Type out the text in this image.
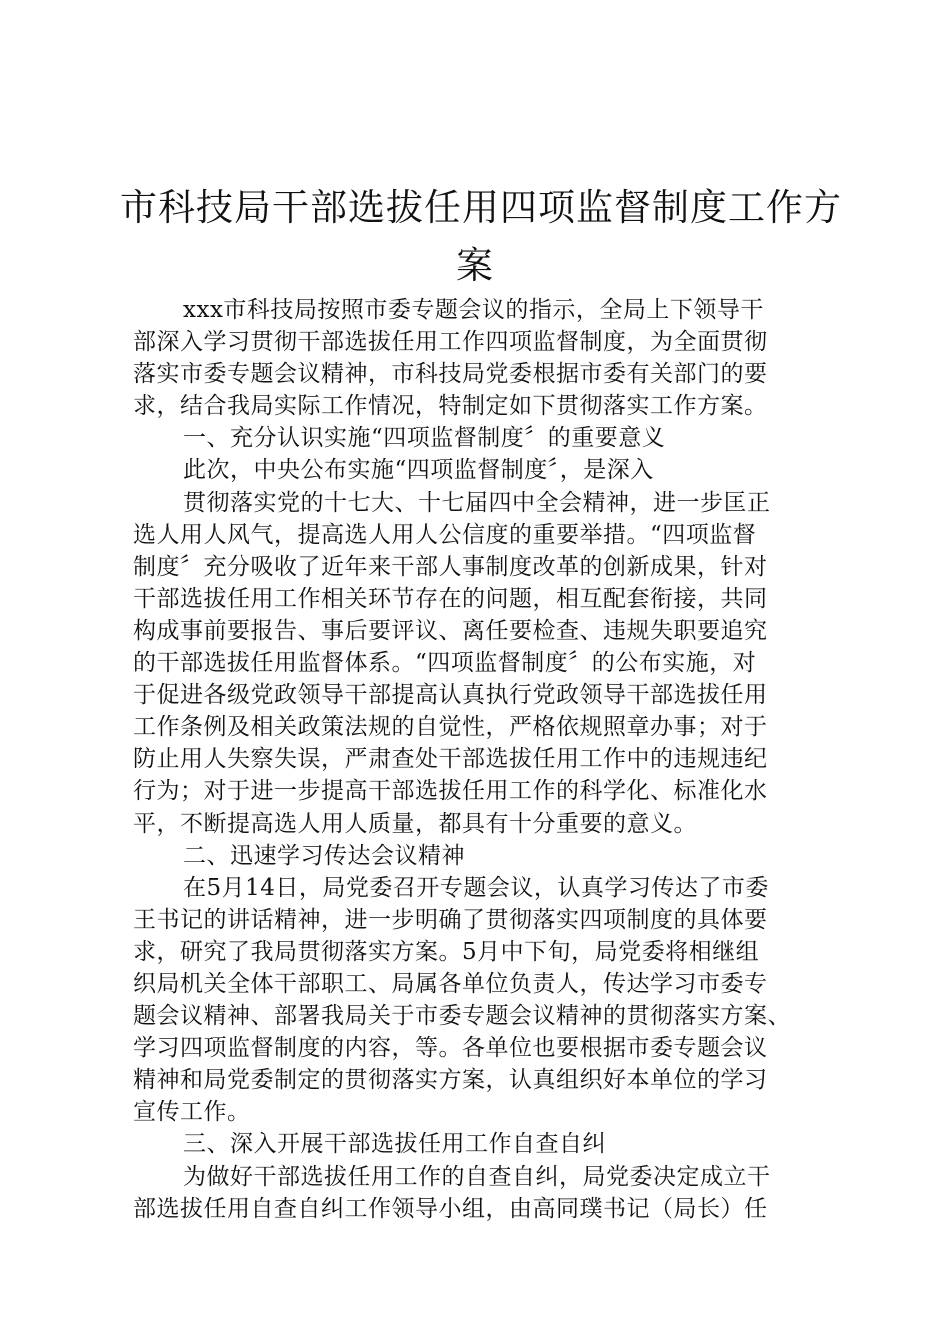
市科技局干部选拔任用四项监督制度工作方
案
xxx市科技局按照市委专题会议的指示，全局上下领导干
部深入学习贯彻干部选拔任用工作四项监督制度，为全面贯彻
落实市委专题会议精神，市科技局党委根据市委有关部门的要
求，结合我局实际工作情况，特制定如下贯彻落实工作方案。
一、充分认识实施“四项监督制度〞的重要意义
此次，中央公布实施“四项监督制度〞，是深入
贯彻落实党的十七大、十七届四中全会精神，进一步匡正
选人用人风气，提高选人用人公信度的重要举措。“四项监督
制度〞充分吸收了近年来干部人事制度改革的创新成果，针对
干部选拔任用工作相关环节存在的问题，相互配套衔接，共同
构成事前要报告、事后要评议、离任要检查、违规失职要追究
的干部选拔任用监督体系。“四项监督制度〞的公布实施，对
于促进各级党政领导干部提高认真执行党政领导干部选拔任用
工作条例及相关政策法规的自觉性，严格依规照章办事；对于
防止用人失察失误，严肃查处干部选拔任用工作中的违规违纪
行为；对于进一步提高干部选拔任用工作的科学化、标准化水
平，不断提高选人用人质量，都具有十分重要的意义。
二、迅速学习传达会议精神
在5月14日，局党委召开专题会议，认真学习传达了市委
王书记的讲话精神，进一步明确了贯彻落实四项制度的具体要
求，研究了我局贯彻落实方案。5月中下旬，局党委将相继组
织局机关全体干部职工、局属各单位负责人，传达学习市委专
题会议精神、部署我局关于市委专题会议精神的贯彻落实方案、
学习四项监督制度的内容，等。各单位也要根据市委专题会议
精神和局党委制定的贯彻落实方案，认真组织好本单位的学习
宣传工作。
三、深入开展干部选拔任用工作自查自纠
为做好干部选拔任用工作的自查自纠，局党委决定成立干
部选拔任用自查自纠工作领导小组，由高同璞书记（局长）任
